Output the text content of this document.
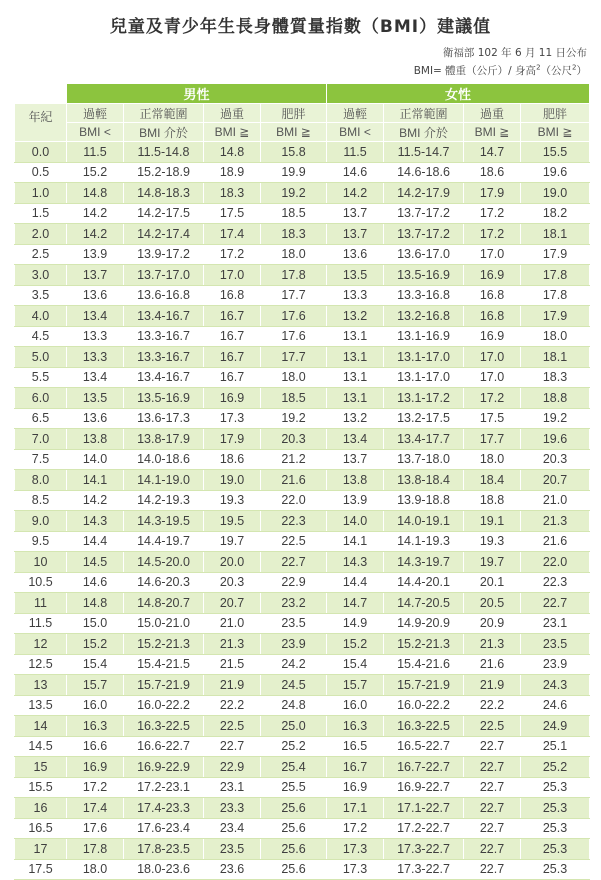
兒童及青少年生長身體質量指數（BMI）建議值
衛福部 102 年 6 月 11 日公布
BMI= 體重（公斤）/ 身高$^2$（公尺$^2$）
	男性				女性			
年紀	過輕	正常範圍	過重	肥胖	過輕	正常範圍	過重	肥胖
	BMI <	BMI 介於	BMI ≧	BMI ≧	BMI <	BMI 介於	BMI ≧	BMI ≧
0.0	11.5	11.5-14.8	14.8	15.8	11.5	11.5-14.7	14.7	15.5
0.5	15.2	15.2-18.9	18.9	19.9	14.6	14.6-18.6	18.6	19.6
1.0	14.8	14.8-18.3	18.3	19.2	14.2	14.2-17.9	17.9	19.0
1.5	14.2	14.2-17.5	17.5	18.5	13.7	13.7-17.2	17.2	18.2
2.0	14.2	14.2-17.4	17.4	18.3	13.7	13.7-17.2	17.2	18.1
2.5	13.9	13.9-17.2	17.2	18.0	13.6	13.6-17.0	17.0	17.9
3.0	13.7	13.7-17.0	17.0	17.8	13.5	13.5-16.9	16.9	17.8
3.5	13.6	13.6-16.8	16.8	17.7	13.3	13.3-16.8	16.8	17.8
4.0	13.4	13.4-16.7	16.7	17.6	13.2	13.2-16.8	16.8	17.9
4.5	13.3	13.3-16.7	16.7	17.6	13.1	13.1-16.9	16.9	18.0
5.0	13.3	13.3-16.7	16.7	17.7	13.1	13.1-17.0	17.0	18.1
5.5	13.4	13.4-16.7	16.7	18.0	13.1	13.1-17.0	17.0	18.3
6.0	13.5	13.5-16.9	16.9	18.5	13.1	13.1-17.2	17.2	18.8
6.5	13.6	13.6-17.3	17.3	19.2	13.2	13.2-17.5	17.5	19.2
7.0	13.8	13.8-17.9	17.9	20.3	13.4	13.4-17.7	17.7	19.6
7.5	14.0	14.0-18.6	18.6	21.2	13.7	13.7-18.0	18.0	20.3
8.0	14.1	14.1-19.0	19.0	21.6	13.8	13.8-18.4	18.4	20.7
8.5	14.2	14.2-19.3	19.3	22.0	13.9	13.9-18.8	18.8	21.0
9.0	14.3	14.3-19.5	19.5	22.3	14.0	14.0-19.1	19.1	21.3
9.5	14.4	14.4-19.7	19.7	22.5	14.1	14.1-19.3	19.3	21.6
10	14.5	14.5-20.0	20.0	22.7	14.3	14.3-19.7	19.7	22.0
10.5	14.6	14.6-20.3	20.3	22.9	14.4	14.4-20.1	20.1	22.3
11	14.8	14.8-20.7	20.7	23.2	14.7	14.7-20.5	20.5	22.7
11.5	15.0	15.0-21.0	21.0	23.5	14.9	14.9-20.9	20.9	23.1
12	15.2	15.2-21.3	21.3	23.9	15.2	15.2-21.3	21.3	23.5
12.5	15.4	15.4-21.5	21.5	24.2	15.4	15.4-21.6	21.6	23.9
13	15.7	15.7-21.9	21.9	24.5	15.7	15.7-21.9	21.9	24.3
13.5	16.0	16.0-22.2	22.2	24.8	16.0	16.0-22.2	22.2	24.6
14	16.3	16.3-22.5	22.5	25.0	16.3	16.3-22.5	22.5	24.9
14.5	16.6	16.6-22.7	22.7	25.2	16.5	16.5-22.7	22.7	25.1
15	16.9	16.9-22.9	22.9	25.4	16.7	16.7-22.7	22.7	25.2
15.5	17.2	17.2-23.1	23.1	25.5	16.9	16.9-22.7	22.7	25.3
16	17.4	17.4-23.3	23.3	25.6	17.1	17.1-22.7	22.7	25.3
16.5	17.6	17.6-23.4	23.4	25.6	17.2	17.2-22.7	22.7	25.3
17	17.8	17.8-23.5	23.5	25.6	17.3	17.3-22.7	22.7	25.3
17.5	18.0	18.0-23.6	23.6	25.6	17.3	17.3-22.7	22.7	25.3
